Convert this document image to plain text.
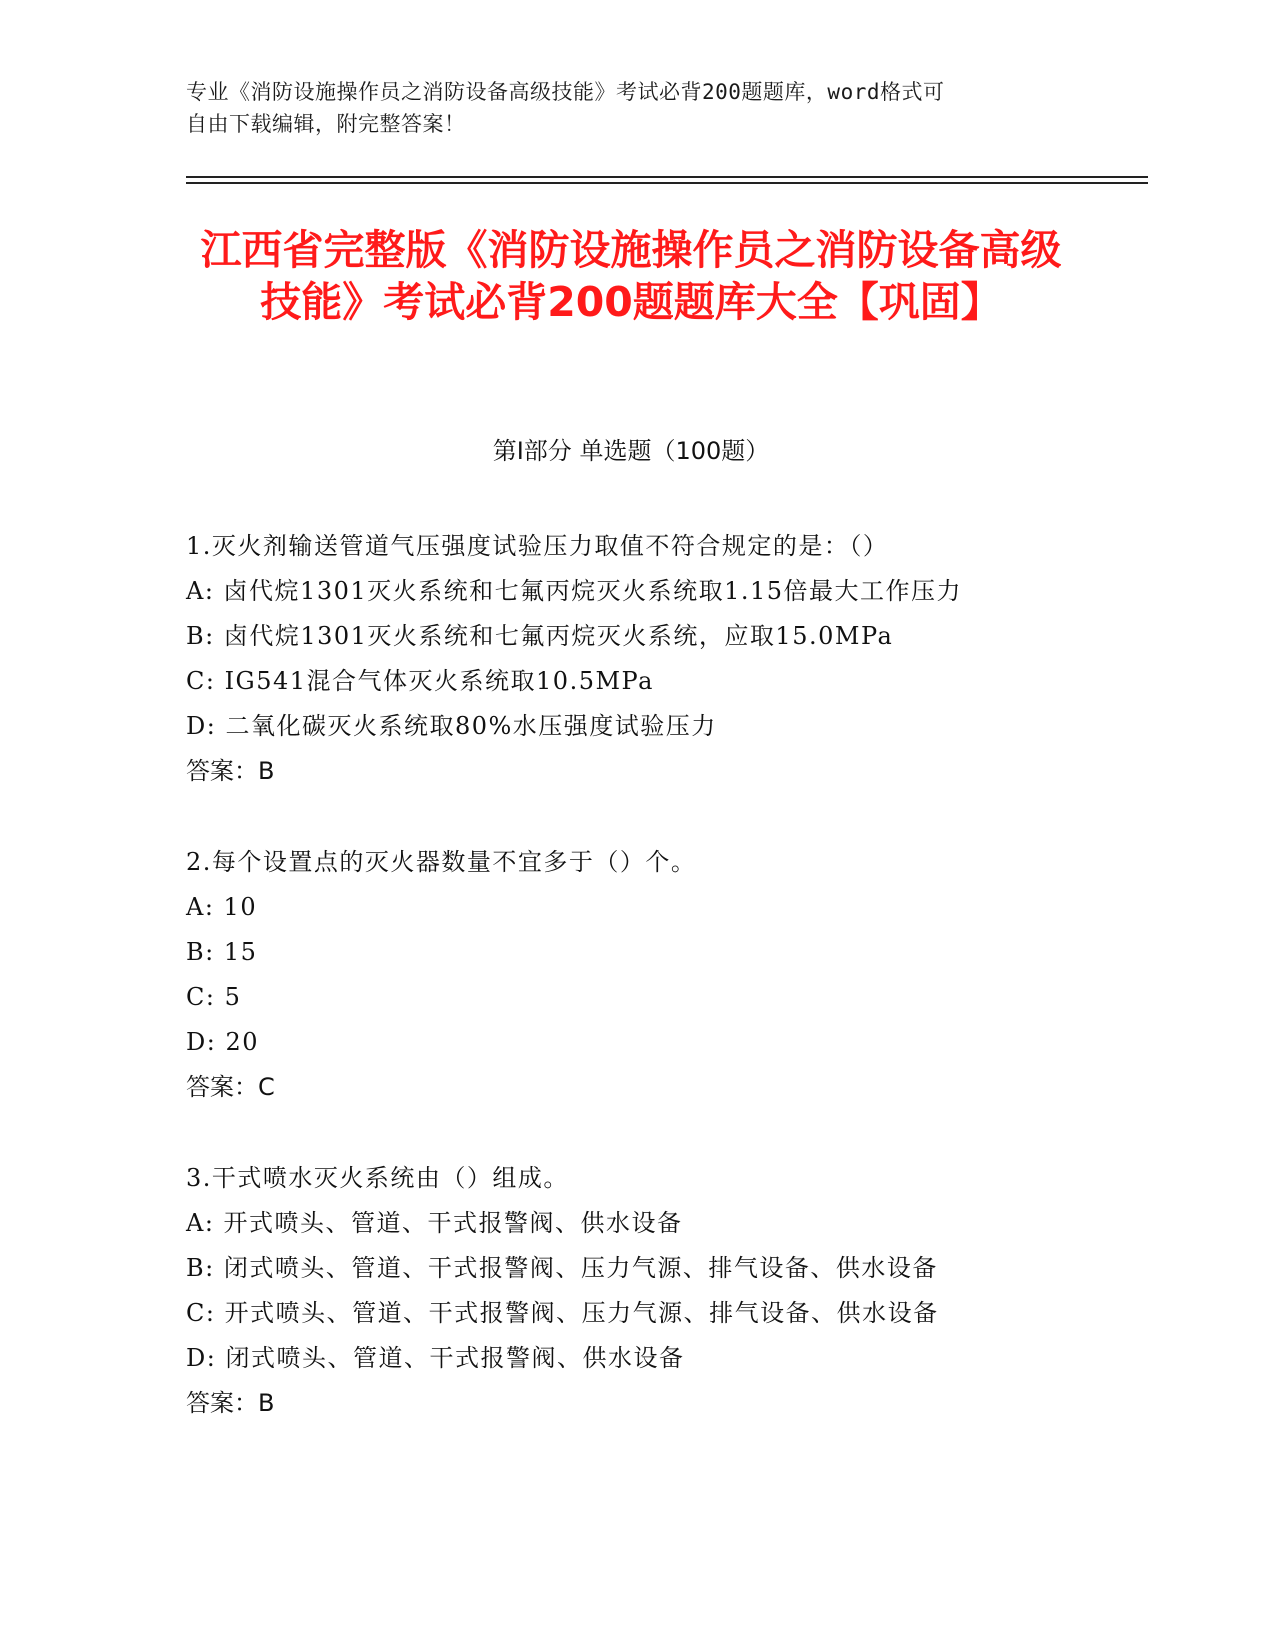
专业《消防设施操作员之消防设备高级技能》考试必背200题题库，word格式可
自由下载编辑，附完整答案！
江西省完整版《消防设施操作员之消防设备高级技能》考试必背200题题库大全【巩固】
第I部分 单选题（100题）
1.灭火剂输送管道气压强度试验压力取值不符合规定的是：（）
A: 卤代烷1301灭火系统和七氟丙烷灭火系统取1.15倍最大工作压力
B: 卤代烷1301灭火系统和七氟丙烷灭火系统，应取15.0MPa
C: IG541混合气体灭火系统取10.5MPa
D: 二氧化碳灭火系统取80%水压强度试验压力
答案：B
2.每个设置点的灭火器数量不宜多于（）个。
A: 10
B: 15
C: 5
D: 20
答案：C
3.干式喷水灭火系统由（）组成。
A: 开式喷头、管道、干式报警阀、供水设备
B: 闭式喷头、管道、干式报警阀、压力气源、排气设备、供水设备
C: 开式喷头、管道、干式报警阀、压力气源、排气设备、供水设备
D: 闭式喷头、管道、干式报警阀、供水设备
答案：B
